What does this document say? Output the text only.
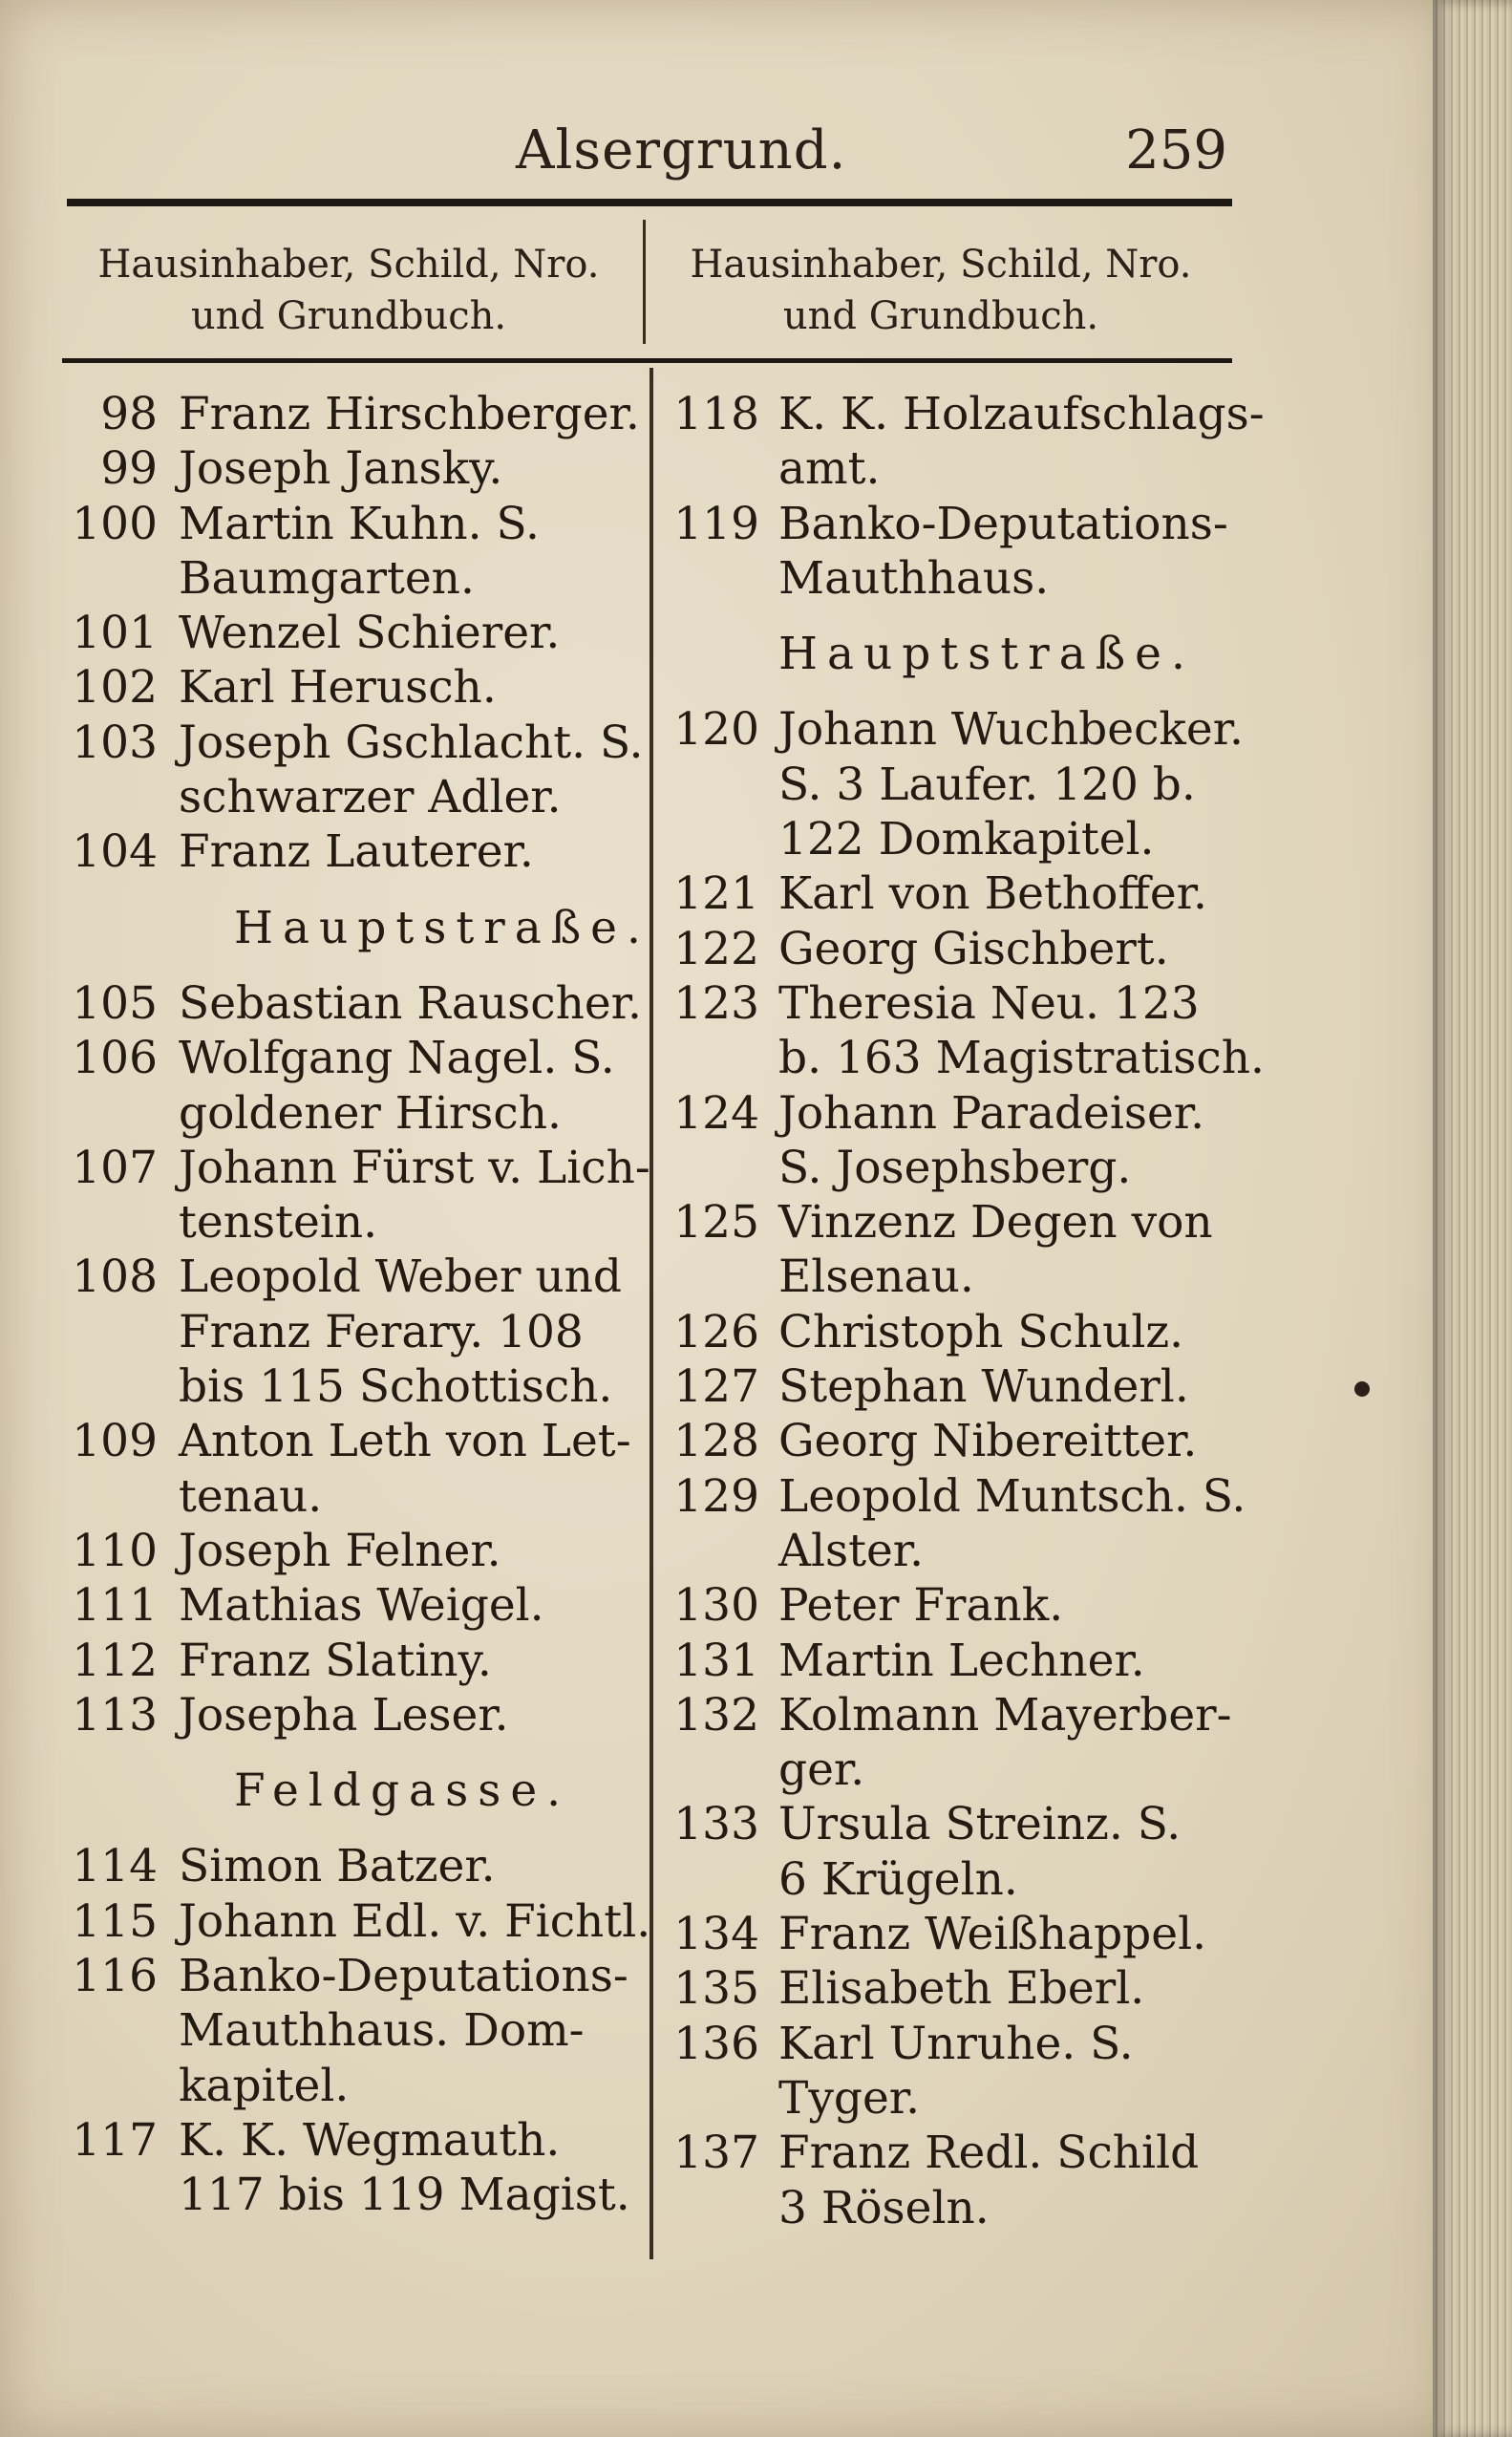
Alsergrund.	259
Hausinhaber, Schild, Nro.
und Grundbuch.
Hausinhaber, Schild, Nro.
und Grundbuch.
98 Franz Hirschberger.
99 Joseph Jansky.
100 Martin Kuhn. S.
Baumgarten.
101 Wenzel Schierer.
102 Karl Herusch.
103 Joseph Gschlacht. S.
schwarzer Adler.
104 Franz Lauterer.
Hauptstraße.
105 Sebastian Rauscher.
106 Wolfgang Nagel. S.
goldener Hirsch.
107 Johann Fürst v. Lich-
tenstein.
108 Leopold Weber und
Franz Ferary. 108
bis 115 Schottisch.
109 Anton Leth von Let-
tenau.
110 Joseph Felner.
111 Mathias Weigel.
112 Franz Slatiny.
113 Josepha Leser.
Feldgasse.
114 Simon Batzer.
115 Johann Edl. v. Fichtl.
116 Banko-Deputations-
Mauthhaus. Dom-
kapitel.
117 K. K. Wegmauth.
117 bis 119 Magist.
118 K. K. Holzaufschlags-
amt.
119 Banko-Deputations-
Mauthhaus.
Hauptstraße.
120 Johann Wuchbecker.
S. 3 Laufer. 120 b.
122 Domkapitel.
121 Karl von Bethoffer.
122 Georg Gischbert.
123 Theresia Neu. 123
b. 163 Magistratisch.
124 Johann Paradeiser.
S. Josephsberg.
125 Vinzenz Degen von
Elsenau.
126 Christoph Schulz.
127 Stephan Wunderl.
128 Georg Nibereitter.
129 Leopold Muntsch. S.
Alster.
130 Peter Frank.
131 Martin Lechner.
132 Kolmann Mayerber-
ger.
133 Ursula Streinz. S.
6 Krügeln.
134 Franz Weißhappel.
135 Elisabeth Eberl.
136 Karl Unruhe. S.
Tyger.
137 Franz Redl. Schild
3 Röseln.
